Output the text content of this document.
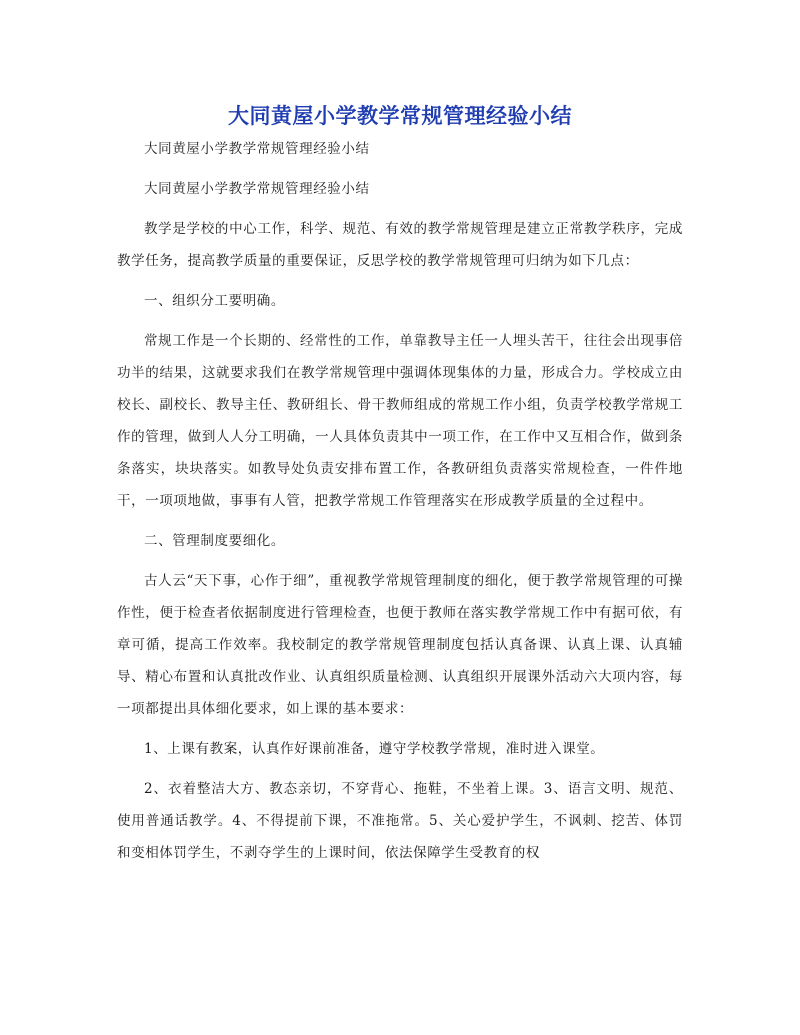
大同黄屋小学教学常规管理经验小结

大同黄屋小学教学常规管理经验小结

大同黄屋小学教学常规管理经验小结

教学是学校的中心工作，科学、规范、有效的教学常规管理是建立正常教学秩序，完成教学任务，提高教学质量的重要保证，反思学校的教学常规管理可归纳为如下几点：

一、组织分工要明确。

常规工作是一个长期的、经常性的工作，单靠教导主任一人埋头苦干，往往会出现事倍功半的结果，这就要求我们在教学常规管理中强调体现集体的力量，形成合力。学校成立由校长、副校长、教导主任、教研组长、骨干教师组成的常规工作小组，负责学校教学常规工作的管理，做到人人分工明确，一人具体负责其中一项工作，在工作中又互相合作，做到条条落实，块块落实。如教导处负责安排布置工作，各教研组负责落实常规检查，一件件地干，一项项地做，事事有人管，把教学常规工作管理落实在形成教学质量的全过程中。

二、管理制度要细化。

古人云“天下事，心作于细”，重视教学常规管理制度的细化，便于教学常规管理的可操作性，便于检查者依据制度进行管理检查，也便于教师在落实教学常规工作中有据可依，有章可循，提高工作效率。我校制定的教学常规管理制度包括认真备课、认真上课、认真辅导、精心布置和认真批改作业、认真组织质量检测、认真组织开展课外活动六大项内容，每一项都提出具体细化要求，如上课的基本要求：

1、上课有教案，认真作好课前准备，遵守学校教学常规，准时进入课堂。

2、衣着整洁大方、教态亲切，不穿背心、拖鞋，不坐着上课。3、语言文明、规范、使用普通话教学。4、不得提前下课，不准拖常。5、关心爱护学生，不讽刺、挖苦、体罚和变相体罚学生，不剥夺学生的上课时间，依法保障学生受教育的权
